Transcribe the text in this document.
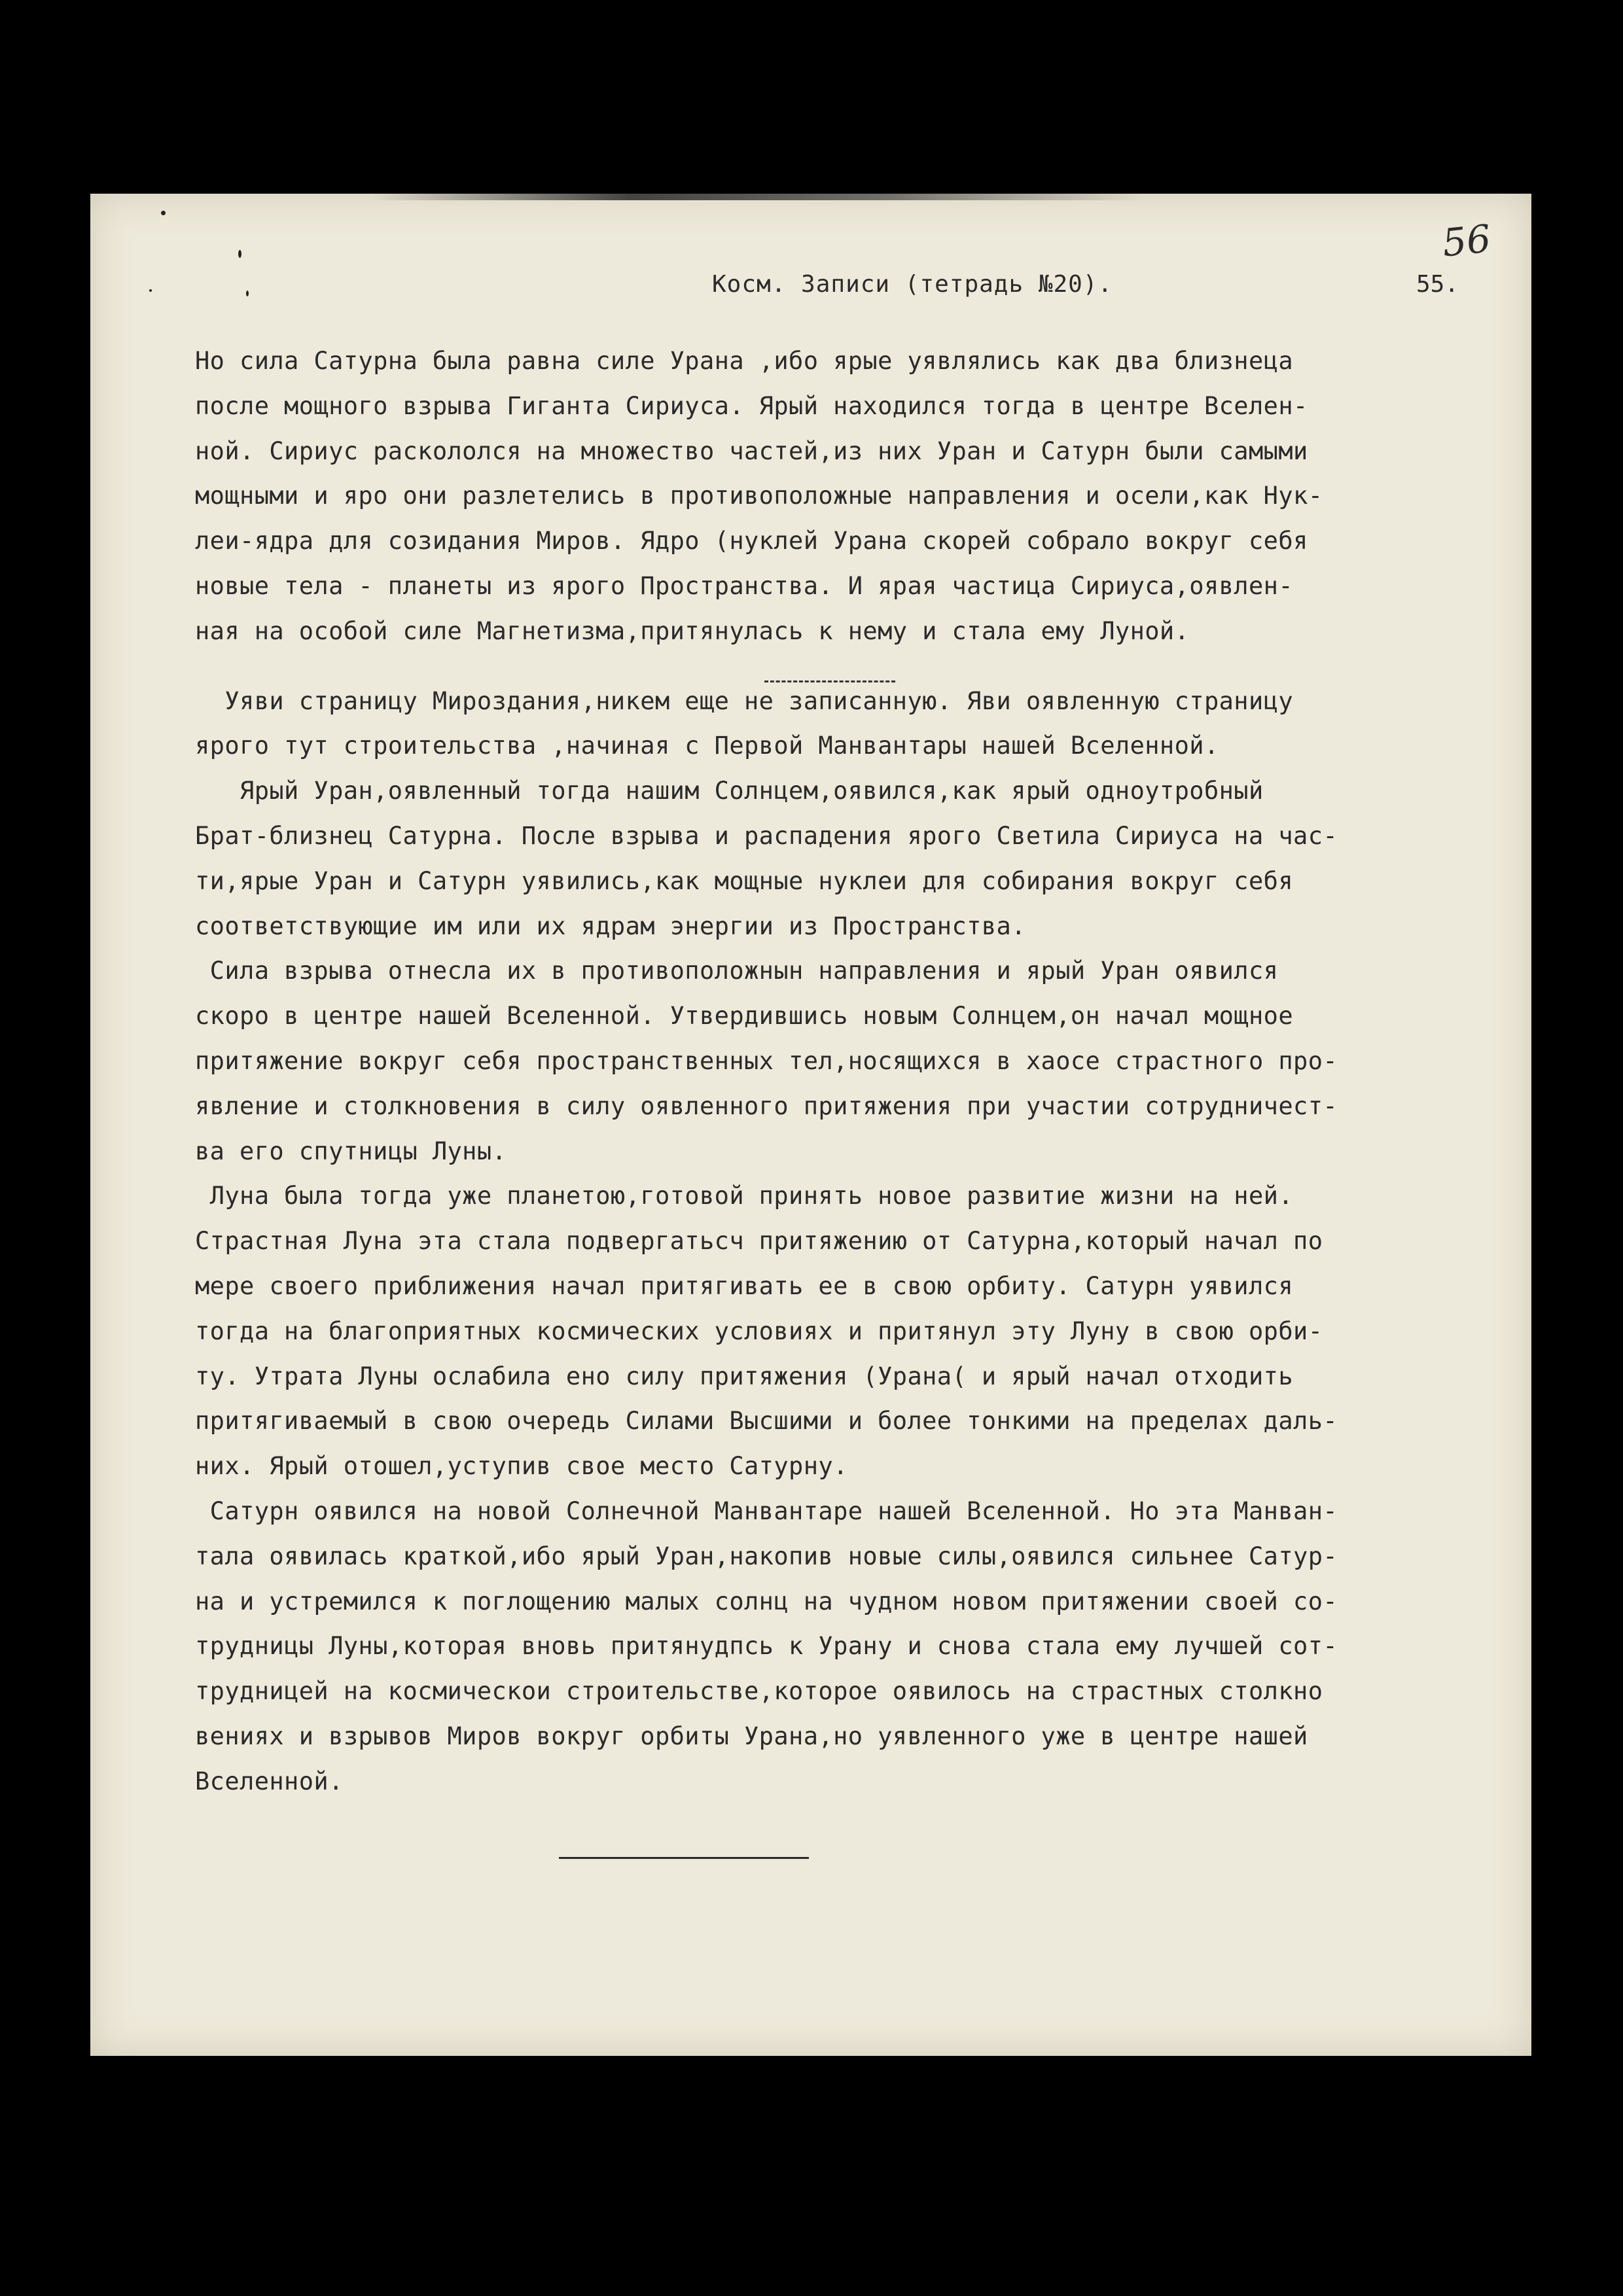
Косм. Записи (тетрадь №20).	55.
56
Но сила Сатурна была равна силе Урана ,ибо ярые уявлялись как два близнеца
после мощного взрыва Гиганта Сириуса. Ярый находился тогда в центре Вселен-
ной. Сириус раскололся на множество частей,из них Уран и Сатурн были самыми
мощными и яро они разлетелись в противоположные направления и осели,как Нук-
леи-ядра для созидания Миров. Ядро (нуклей Урана скорей собрало вокруг себя
новые тела - планеты из ярого Пространства. И ярая частица Сириуса,оявлен-
ная на особой силе Магнетизма,притянулась к нему и стала ему Луной.
Уяви страницу Мироздания,никем еще не записанную. Яви оявленную страницу
ярого тут строительства ,начиная с Первой Манвантары нашей Вселенной.
Ярый Уран,оявленный тогда нашим Солнцем,оявился,как ярый одноутробный
Брат-близнец Сатурна. После взрыва и распадения ярого Светила Сириуса на час-
ти,ярые Уран и Сатурн уявились,как мощные нуклеи для собирания вокруг себя
соответствующие им или их ядрам энергии из Пространства.
Сила взрыва отнесла их в противоположнын направления и ярый Уран оявился
скоро в центре нашей Вселенной. Утвердившись новым Солнцем,он начал мощное
притяжение вокруг себя пространственных тел,носящихся в хаосе страстного про-
явление и столкновения в силу оявленного притяжения при участии сотрудничест-
ва его спутницы Луны.
Луна была тогда уже планетою,готовой принять новое развитие жизни на ней.
Страстная Луна эта стала подвергатьсч притяжению от Сатурна,который начал по
мере своего приближения начал притягивать ее в свою орбиту. Сатурн уявился
тогда на благоприятных космических условиях и притянул эту Луну в свою орби-
ту. Утрата Луны ослабила ено силу притяжения (Урана( и ярый начал отходить
притягиваемый в свою очередь Силами Высшими и более тонкими на пределах даль-
них. Ярый отошел,уступив свое место Сатурну.
Сатурн оявился на новой Солнечной Манвантаре нашей Вселенной. Но эта Манван-
тала оявилась краткой,ибо ярый Уран,накопив новые силы,оявился сильнее Сатур-
на и устремился к поглощению малых солнц на чудном новом притяжении своей со-
трудницы Луны,которая вновь притянудпсь к Урану и снова стала ему лучшей сот-
трудницей на космическои строительстве,которое оявилось на страстных столкно
вениях и взрывов Миров вокруг орбиты Урана,но уявленного уже в центре нашей
Вселенной.
